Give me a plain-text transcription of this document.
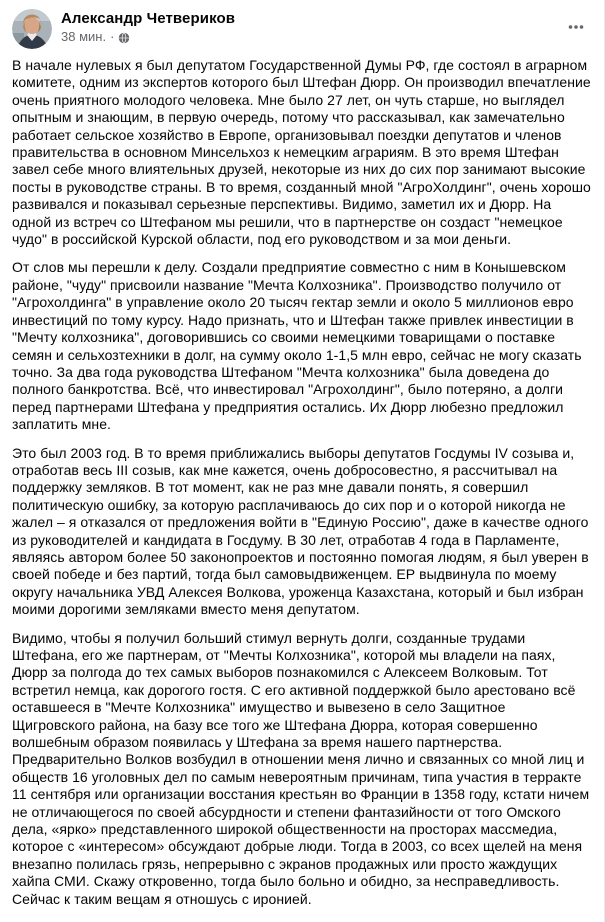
Александр Четвериков
38 мин. ·

В начале нулевых я был депутатом Государственной Думы РФ, где состоял в аграрном комитете, одним из экспертов которого был Штефан Дюрр. Он производил впечатление очень приятного молодого человека. Мне было 27 лет, он чуть старше, но выглядел опытным и знающим, в первую очередь, потому что рассказывал, как замечательно работает сельское хозяйство в Европе, организовывал поездки депутатов и членов правительства в основном Минсельхоз к немецким аграриям. В это время Штефан завел себе много влиятельных друзей, некоторые из них до сих пор занимают высокие посты в руководстве страны. В то время, созданный мной "АгроХолдинг", очень хорошо развивался и показывал серьезные перспективы. Видимо, заметил их и Дюрр. На одной из встреч со Штефаном мы решили, что в партнерстве он создаст "немецкое чудо" в российской Курской области, под его руководством и за мои деньги.

От слов мы перешли к делу. Создали предприятие совместно с ним в Конышевском районе, "чуду" присвоили название "Мечта Колхозника". Производство получило от "Агрохолдинга" в управление около 20 тысяч гектар земли и около 5 миллионов евро инвестиций по тому курсу. Надо признать, что и Штефан также привлек инвестиции в "Мечту колхозника", договорившись со своими немецкими товарищами о поставке семян и сельхозтехники в долг, на сумму около 1-1,5 млн евро, сейчас не могу сказать точно. За два года руководства Штефаном "Мечта колхозника" была доведена до полного банкротства. Всё, что инвестировал "Агрохолдинг", было потеряно, а долги перед партнерами Штефана у предприятия остались. Их Дюрр любезно предложил заплатить мне.

Это был 2003 год. В то время приближались выборы депутатов Госдумы IV созыва и, отработав весь III созыв, как мне кажется, очень добросовестно, я рассчитывал на поддержку земляков. В тот момент, как не раз мне давали понять, я совершил политическую ошибку, за которую расплачиваюсь до сих пор и о которой никогда не жалел – я отказался от предложения войти в "Единую Россию", даже в качестве одного из руководителей и кандидата в Госдуму. В 30 лет, отработав 4 года в Парламенте, являясь автором более 50 законопроектов и постоянно помогая людям, я был уверен в своей победе и без партий, тогда был самовыдвиженцем. ЕР выдвинула по моему округу начальника УВД Алексея Волкова, уроженца Казахстана, который и был избран моими дорогими земляками вместо меня депутатом.

Видимо, чтобы я получил больший стимул вернуть долги, созданные трудами Штефана, его же партнерам, от "Мечты Колхозника", которой мы владели на паях, Дюрр за полгода до тех самых выборов познакомился с Алексеем Волковым. Тот встретил немца, как дорогого гостя. С его активной поддержкой было арестовано всё оставшееся в "Мечте Колхозника" имущество и вывезено в село Защитное Щигровского района, на базу все того же Штефана Дюрра, которая совершенно волшебным образом появилась у Штефана за время нашего партнерства. Предварительно Волков возбудил в отношении меня лично и связанных со мной лиц и обществ 16 уголовных дел по самым невероятным причинам, типа участия в терракте 11 сентября или организации восстания крестьян во Франции в 1358 году, кстати ничем не отличающегося по своей абсурдности и степени фантазийности от того Омского дела, «ярко» представленного широкой общественности на просторах массмедиа, которое с «интересом» обсуждают добрые люди. Тогда в 2003, со всех щелей на меня внезапно полилась грязь, непрерывно с экранов продажных или просто жаждущих хайпа СМИ. Скажу откровенно, тогда было больно и обидно, за несправедливость. Сейчас к таким вещам я отношусь с иронией.
